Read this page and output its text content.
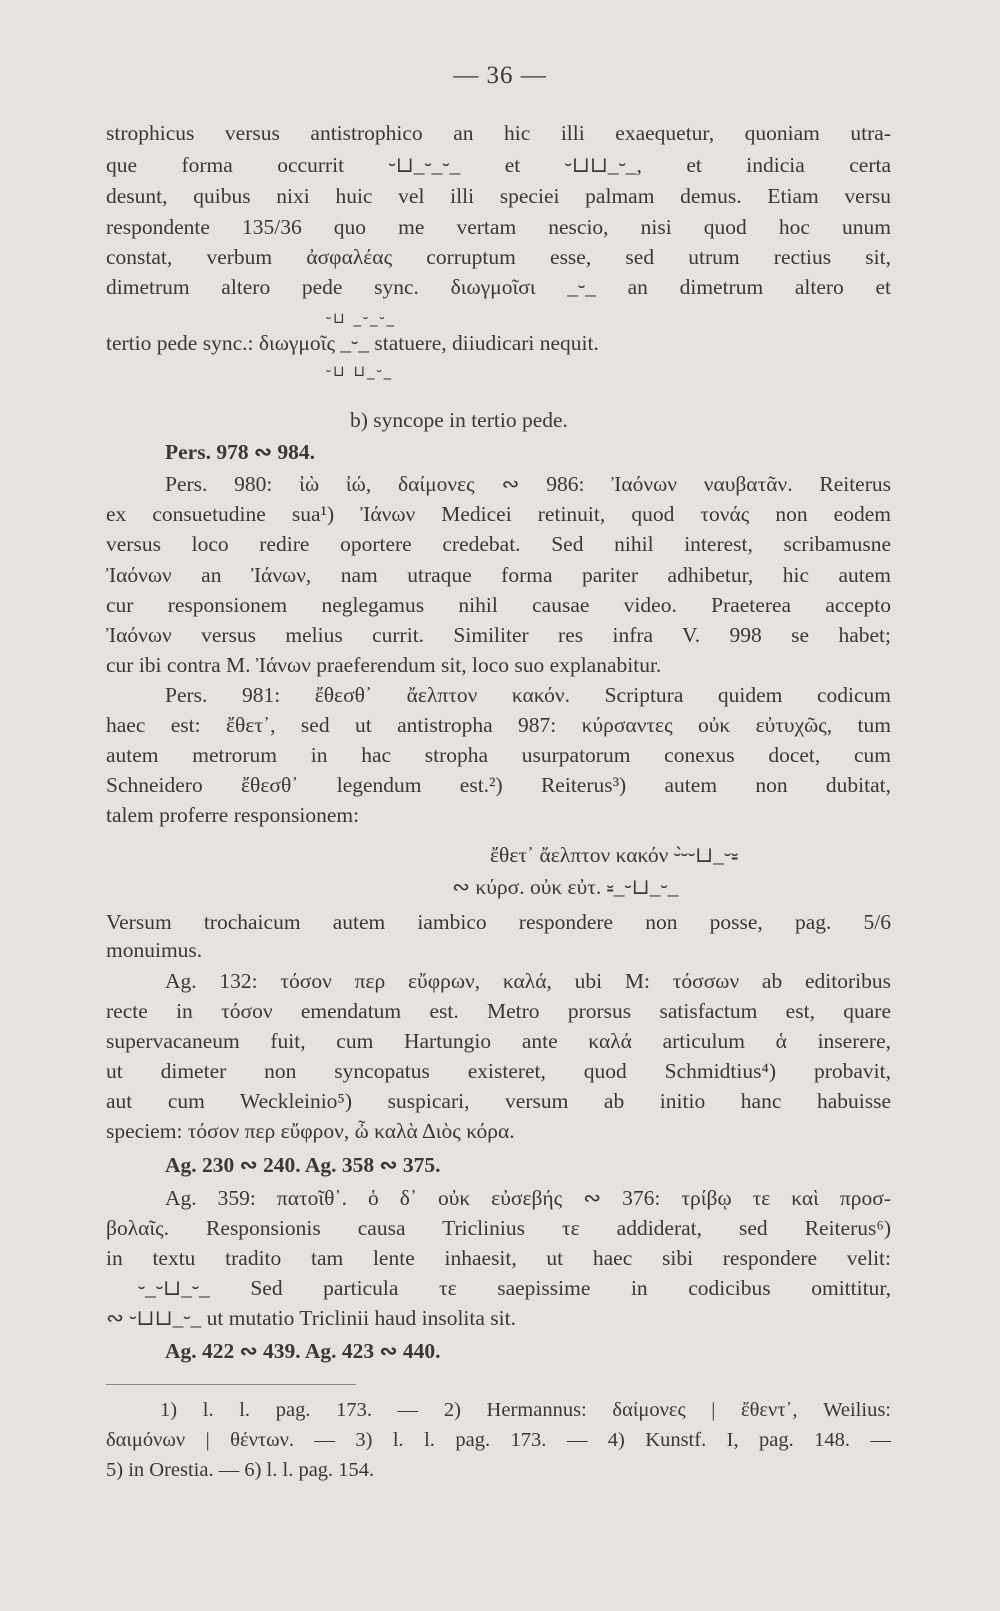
— 36 —
strophicus versus antistrophico an hic illi exaequetur, quoniam utra-
que forma occurrit ⏑⊔_⏑_⏑_ et ⏑⊔⊔_⏑_, et indicia certa
desunt, quibus nixi huic vel illi speciei palmam demus. Etiam versu
respondente 135/36 quo me vertam nescio, nisi quod hoc unum
constat, verbum ἀσφαλέας corruptum esse, sed utrum rectius sit,
dimetrum altero pede sync. διωγμοῖσι _⏑_ an dimetrum altero et
⏑⊔ _⏑_⏑_
tertio pede sync.: διωγμοῖς _⏑_ statuere, diiudicari nequit.
⏑⊔ ⊔_⏑_
b) syncope in tertio pede.
Pers. 978 ∾ 984.
Pers. 980: ἰὼ ἰώ, δαίμονες ∾ 986: Ἰαόνων ναυβατᾶν. Reiterus
ex consuetudine sua¹) Ἰάνων Medicei retinuit, quod τονάς non eodem
versus loco redire oportere credebat. Sed nihil interest, scribamusne
Ἰαόνων an Ἰάνων, nam utraque forma pariter adhibetur, hic autem
cur responsionem neglegamus nihil causae video. Praeterea accepto
Ἰαόνων versus melius currit. Similiter res infra V. 998 se habet;
cur ibi contra M. Ἰάνων praeferendum sit, loco suo explanabitur.
Pers. 981: ἔθεσθ᾽ ἄελπτον κακόν. Scriptura quidem codicum
haec est: ἔθετ᾽, sed ut antistropha 987: κύρσαντες οὐκ εὐτυχῶς, tum
autem metrorum in hac stropha usurpatorum conexus docet, cum
Schneidero ἔθεσθ᾽ legendum est.²) Reiterus³) autem non dubitat,
talem proferre responsionem:
ἔθετ᾽ ἄελπτον κακόν ⏑́⏑⏑⊔_⏑⏓
∾ κύρσ. οὐκ εὐτ. ⏓_⏑⊔_⏑_
Versum trochaicum autem iambico respondere non posse, pag. 5/6
monuimus.
Ag. 132: τόσον περ εὔφρων, καλά, ubi M: τόσσων ab editoribus
recte in τόσον emendatum est. Metro prorsus satisfactum est, quare
supervacaneum fuit, cum Hartungio ante καλά articulum ἁ inserere,
ut dimeter non syncopatus existeret, quod Schmidtius⁴) probavit,
aut cum Weckleinio⁵) suspicari, versum ab initio hanc habuisse
speciem: τόσον περ εὔφρον, ὦ καλὰ Διὸς κόρα.
Ag. 230 ∾ 240. Ag. 358 ∾ 375.
Ag. 359: πατοῖθ᾽. ὁ δ᾽ οὐκ εὐσεβής ∾ 376: τρίβῳ τε καὶ προσ-
βολαῖς. Responsionis causa Triclinius τε addiderat, sed Reiterus⁶)
in textu tradito tam lente inhaesit, ut haec sibi respondere velit:
⏑_⏑⊔_⏑_ Sed particula τε saepissime in codicibus omittitur,
∾ ⏑⊔⊔_⏑_ ut mutatio Triclinii haud insolita sit.
Ag. 422 ∾ 439. Ag. 423 ∾ 440.
1) l. l. pag. 173. — 2) Hermannus: δαίμονες | ἔθεντ᾽, Weilius:
δαιμόνων | θέντων. — 3) l. l. pag. 173. — 4) Kunstf. I, pag. 148. —
5) in Orestia. — 6) l. l. pag. 154.
